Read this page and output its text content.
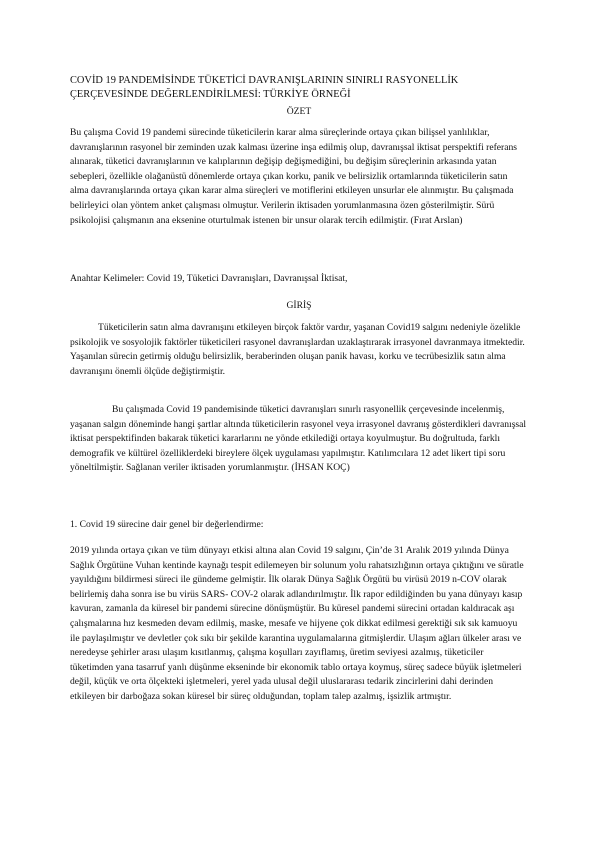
COVİD 19 PANDEMİSİNDE TÜKETİCİ DAVRANIŞLARININ SINIRLI RASYONELLİK ÇERÇEVESİNDE DEĞERLENDİRİLMESİ: TÜRKİYE ÖRNEĞİ

ÖZET

Bu çalışma Covid 19 pandemi sürecinde tüketicilerin karar alma süreçlerinde ortaya çıkan bilişsel yanlılıklar, davranışlarının rasyonel bir zeminden uzak kalması üzerine inşa edilmiş olup, davranışsal iktisat perspektifi referans alınarak, tüketici davranışlarının ve kalıplarının değişip değişmediğini, bu değişim süreçlerinin arkasında yatan sebepleri, özellikle olağanüstü dönemlerde ortaya çıkan korku, panik ve belirsizlik ortamlarında tüketicilerin satın alma davranışlarında ortaya çıkan karar alma süreçleri ve motiflerini etkileyen unsurlar ele alınmıştır. Bu çalışmada belirleyici olan yöntem anket çalışması olmuştur. Verilerin iktisaden yorumlanmasına özen gösterilmiştir. Sürü psikolojisi çalışmanın ana eksenine oturtulmak istenen bir unsur olarak tercih edilmiştir. (Fırat Arslan)

Anahtar Kelimeler: Covid 19, Tüketici Davranışları, Davranışsal İktisat,

GİRİŞ

Tüketicilerin satın alma davranışını etkileyen birçok faktör vardır, yaşanan Covid19 salgını nedeniyle özelikle psikolojik ve sosyolojik faktörler tüketicileri rasyonel davranışlardan uzaklaştırarak irrasyonel davranmaya itmektedir. Yaşanılan sürecin getirmiş olduğu belirsizlik, beraberinden oluşan panik havası, korku ve tecrübesizlik satın alma davranışını önemli ölçüde değiştirmiştir.

Bu çalışmada Covid 19 pandemisinde tüketici davranışları sınırlı rasyonellik çerçevesinde incelenmiş, yaşanan salgın döneminde hangi şartlar altında tüketicilerin rasyonel veya irrasyonel davranış gösterdikleri davranışsal iktisat perspektifinden bakarak tüketici kararlarını ne yönde etkilediği ortaya koyulmuştur. Bu doğrultuda, farklı demografik ve kültürel özelliklerdeki bireylere ölçek uygulaması yapılmıştır. Katılımcılara 12 adet likert tipi soru yöneltilmiştir. Sağlanan veriler iktisaden yorumlanmıştır. (İHSAN KOÇ)

1. Covid 19 sürecine dair genel bir değerlendirme:

2019 yılında ortaya çıkan ve tüm dünyayı etkisi altına alan Covid 19 salgını, Çin’de 31 Aralık 2019 yılında Dünya Sağlık Örgütüne Vuhan kentinde kaynağı tespit edilemeyen bir solunum yolu rahatsızlığının ortaya çıktığını ve süratle yayıldığını bildirmesi süreci ile gündeme gelmiştir. İlk olarak Dünya Sağlık Örgütü bu virüsü 2019 n-COV olarak belirlemiş daha sonra ise bu virüs SARS- COV-2 olarak adlandırılmıştır. İlk rapor edildiğinden bu yana dünyayı kasıp kavuran, zamanla da küresel bir pandemi sürecine dönüşmüştür. Bu küresel pandemi sürecini ortadan kaldıracak aşı çalışmalarına hız kesmeden devam edilmiş, maske, mesafe ve hijyene çok dikkat edilmesi gerektiği sık sık kamuoyu ile paylaşılmıştır ve devletler çok sıkı bir şekilde karantina uygulamalarına gitmişlerdir. Ulaşım ağları ülkeler arası ve neredeyse şehirler arası ulaşım kısıtlanmış, çalışma koşulları zayıflamış, üretim seviyesi azalmış, tüketiciler tüketimden yana tasarruf yanlı düşünme ekseninde bir ekonomik tablo ortaya koymuş, süreç sadece büyük işletmeleri değil, küçük ve orta ölçekteki işletmeleri, yerel yada ulusal değil uluslararası tedarik zincirlerini dahi derinden etkileyen bir darboğaza sokan küresel bir süreç olduğundan, toplam talep azalmış, işsizlik artmıştır.
